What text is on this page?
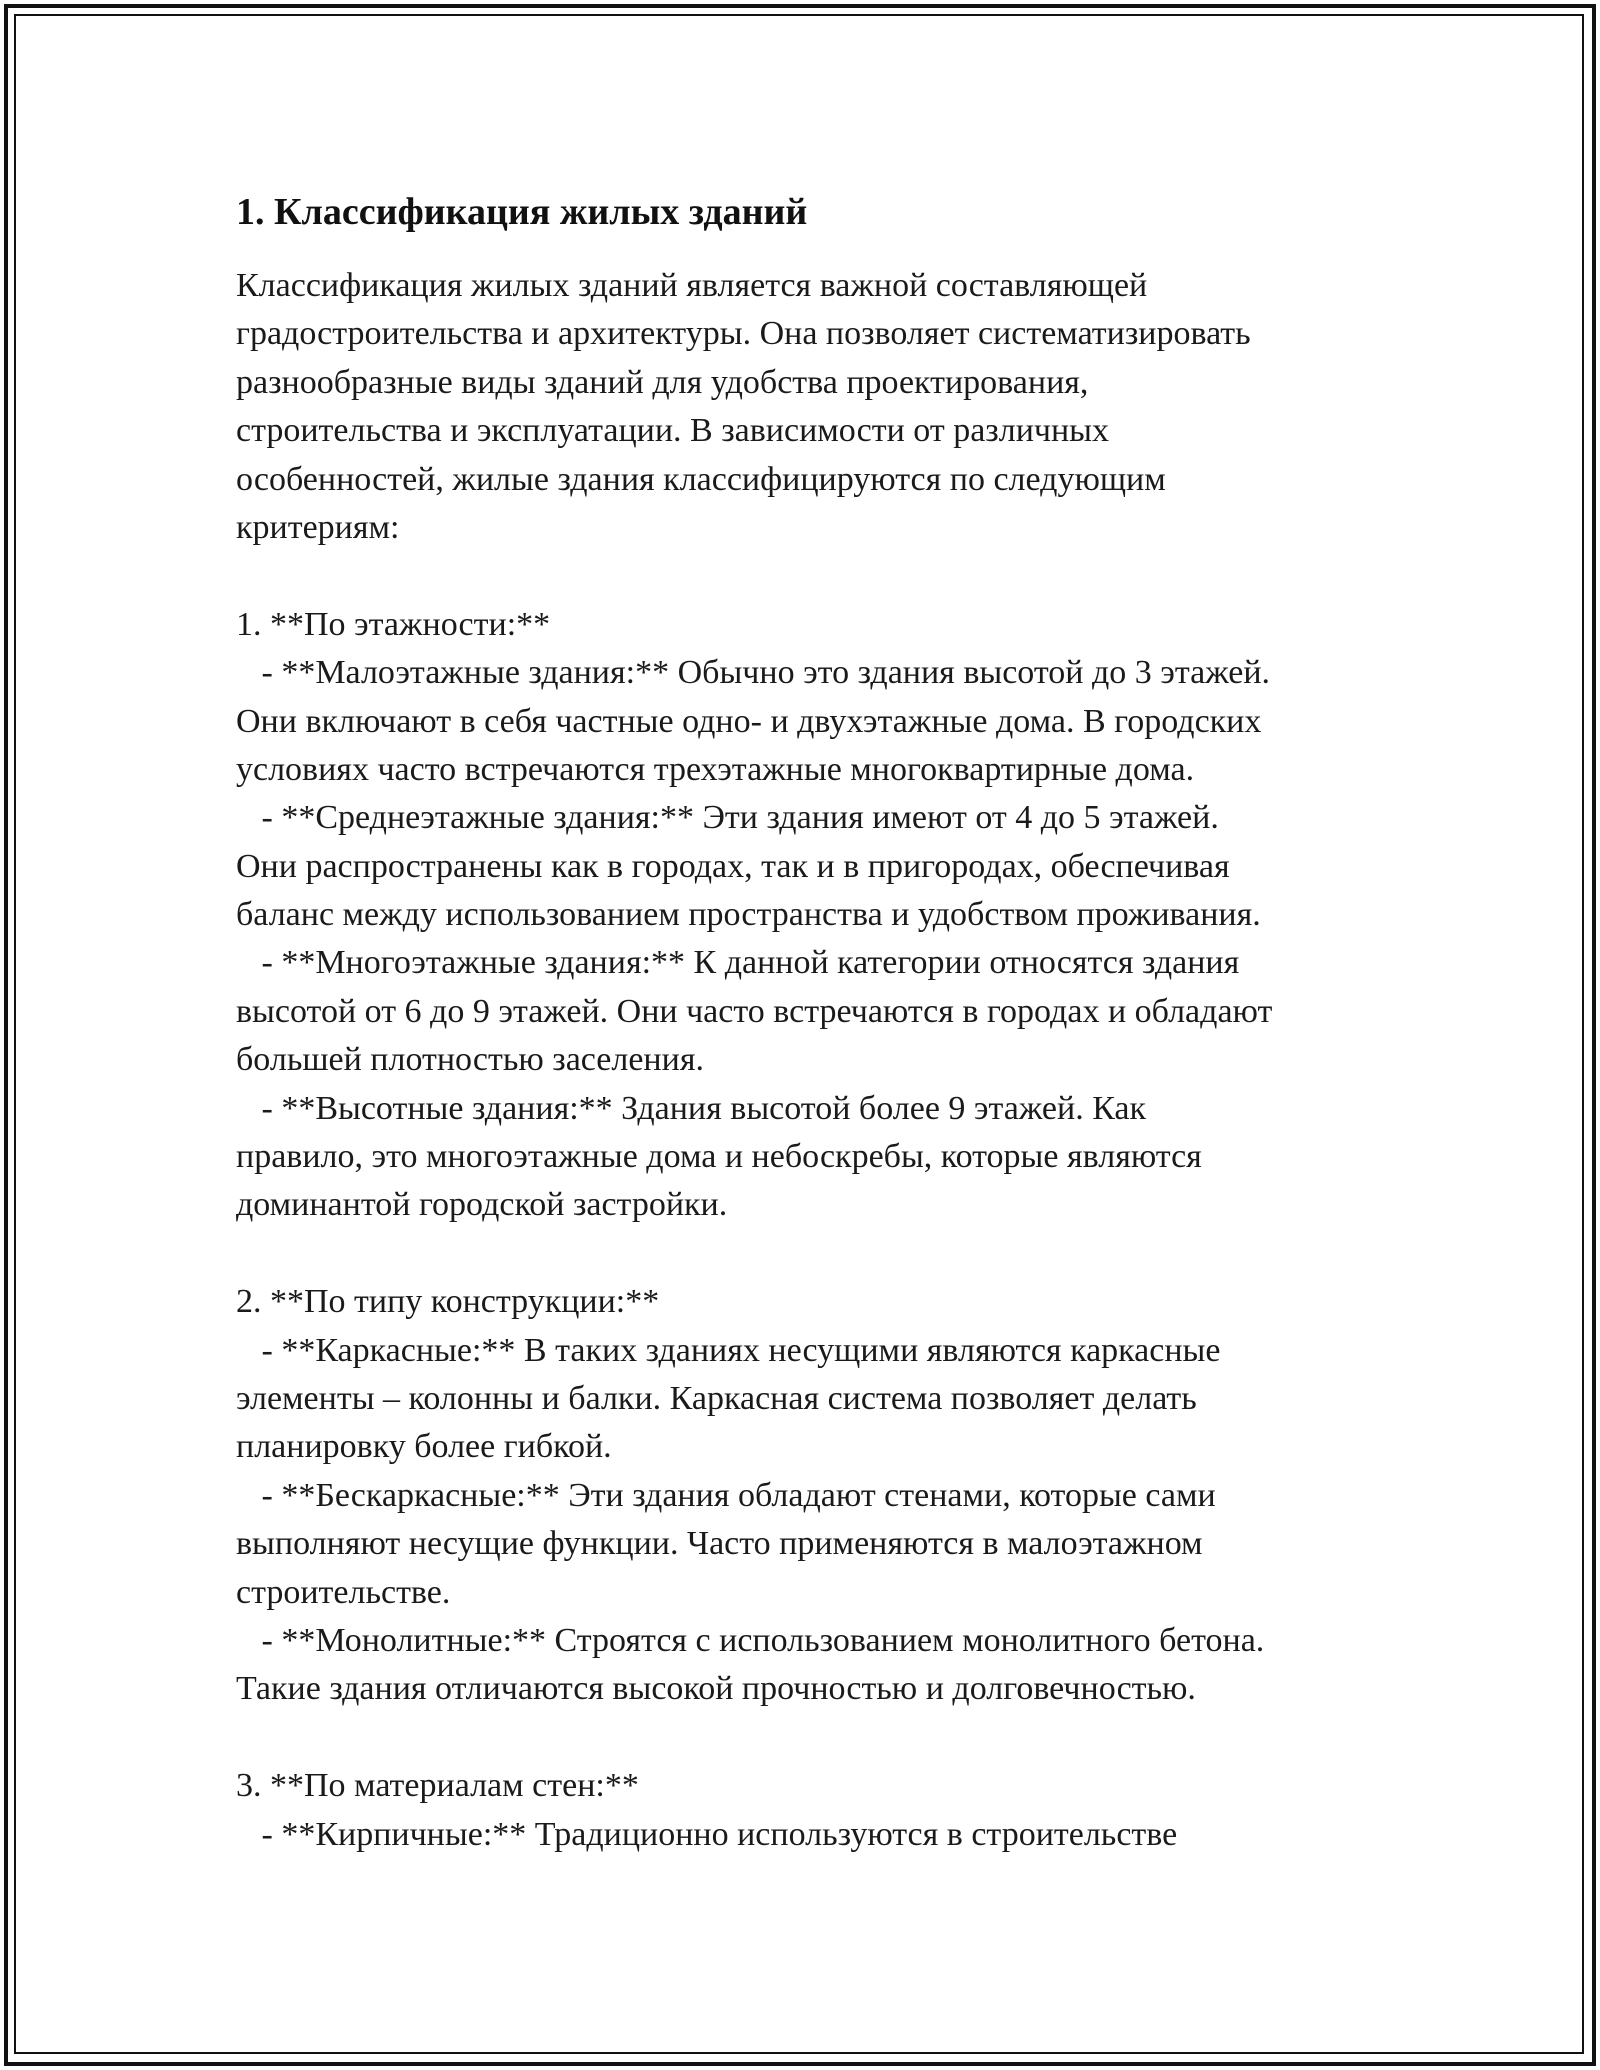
1. Классификация жилых зданий
Классификация жилых зданий является важной составляющей
градостроительства и архитектуры. Она позволяет систематизировать
разнообразные виды зданий для удобства проектирования,
строительства и эксплуатации. В зависимости от различных
особенностей, жилые здания классифицируются по следующим
критериям:
1. **По этажности:**
- **Малоэтажные здания:** Обычно это здания высотой до 3 этажей.
Они включают в себя частные одно- и двухэтажные дома. В городских
условиях часто встречаются трехэтажные многоквартирные дома.
- **Среднеэтажные здания:** Эти здания имеют от 4 до 5 этажей.
Они распространены как в городах, так и в пригородах, обеспечивая
баланс между использованием пространства и удобством проживания.
- **Многоэтажные здания:** К данной категории относятся здания
высотой от 6 до 9 этажей. Они часто встречаются в городах и обладают
большей плотностью заселения.
- **Высотные здания:** Здания высотой более 9 этажей. Как
правило, это многоэтажные дома и небоскребы, которые являются
доминантой городской застройки.
2. **По типу конструкции:**
- **Каркасные:** В таких зданиях несущими являются каркасные
элементы – колонны и балки. Каркасная система позволяет делать
планировку более гибкой.
- **Бескаркасные:** Эти здания обладают стенами, которые сами
выполняют несущие функции. Часто применяются в малоэтажном
строительстве.
- **Монолитные:** Строятся с использованием монолитного бетона.
Такие здания отличаются высокой прочностью и долговечностью.
3. **По материалам стен:**
- **Кирпичные:** Традиционно используются в строительстве
